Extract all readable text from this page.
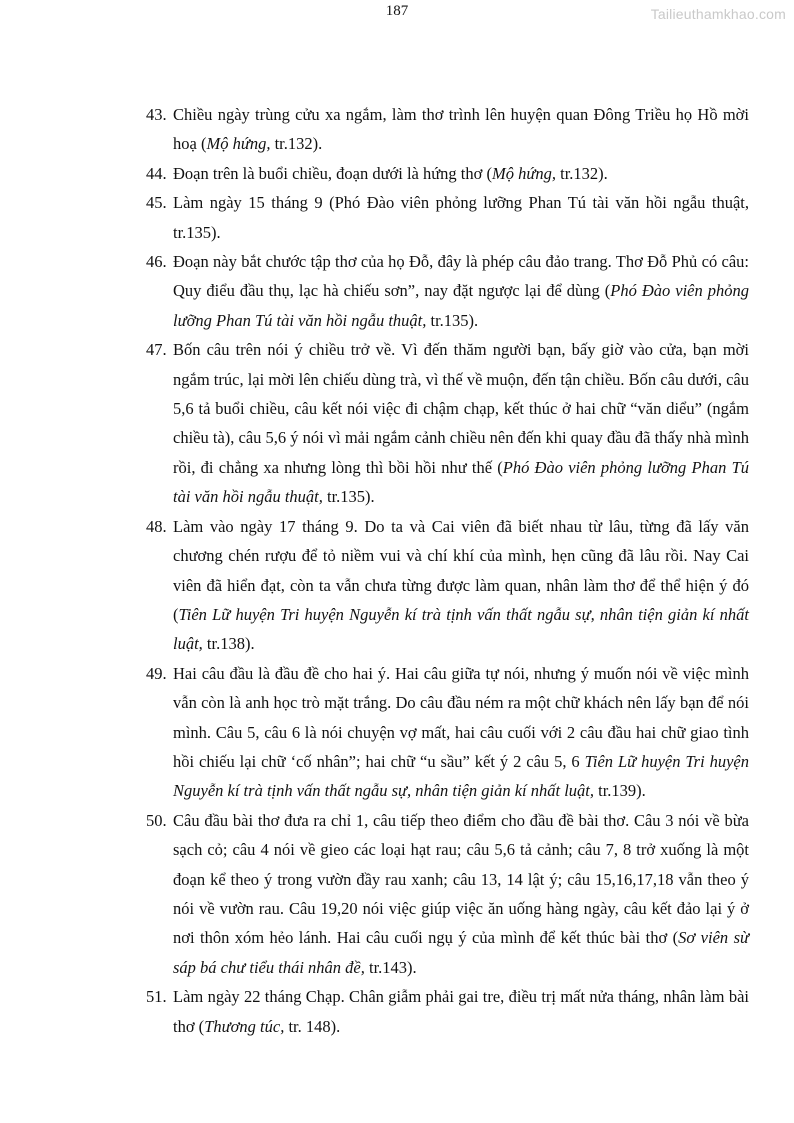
187	Tailieuthamkhao.com
43. Chiều ngày trùng cửu xa ngắm, làm thơ trình lên huyện quan Đông Triều họ Hồ mời hoạ (Mộ hứng, tr.132).
44. Đoạn trên là buổi chiều, đoạn dưới là hứng thơ (Mộ hứng, tr.132).
45. Làm ngày 15 tháng 9 (Phó Đào viên phỏng lưỡng Phan Tú tài văn hồi ngẫu thuật, tr.135).
46. Đoạn này bắt chước tập thơ của họ Đỗ, đây là phép câu đảo trang. Thơ Đỗ Phủ có câu: Quy điểu đầu thụ, lạc hà chiếu sơn”, nay đặt ngược lại để dùng (Phó Đào viên phỏng lưỡng Phan Tú tài văn hồi ngẫu thuật, tr.135).
47. Bốn câu trên nói ý chiều trở về. Vì đến thăm người bạn, bấy giờ vào cửa, bạn mời ngắm trúc, lại mời lên chiếu dùng trà, vì thế về muộn, đến tận chiều. Bốn câu dưới, câu 5,6 tả buổi chiều, câu kết nói việc đi chậm chạp, kết thúc ở hai chữ “văn diểu” (ngắm chiều tà), câu 5,6 ý nói vì mải ngắm cảnh chiều nên đến khi quay đầu đã thấy nhà mình rồi, đi chẳng xa nhưng lòng thì bồi hồi như thế (Phó Đào viên phỏng lưỡng Phan Tú tài văn hồi ngẫu thuật, tr.135).
48. Làm vào ngày 17 tháng 9. Do ta và Cai viên đã biết nhau từ lâu, từng đã lấy văn chương chén rượu để tỏ niềm vui và chí khí của mình, hẹn cũng đã lâu rồi. Nay Cai viên đã hiển đạt, còn ta vẫn chưa từng được làm quan, nhân làm thơ để thể hiện ý đó (Tiên Lữ huyện Tri huyện Nguyễn kí trà tịnh vấn thất ngẫu sự, nhân tiện giản kí nhất luật, tr.138).
49. Hai câu đầu là đầu đề cho hai ý. Hai câu giữa tự nói, nhưng ý muốn nói về việc mình vẫn còn là anh học trò mặt trắng. Do câu đầu ném ra một chữ khách nên lấy bạn để nói mình. Câu 5, câu 6 là nói chuyện vợ mất, hai câu cuối với 2 câu đầu hai chữ giao tình hồi chiếu lại chữ ‘cố nhân”; hai chữ “u sầu” kết ý 2 câu 5, 6 Tiên Lữ huyện Tri huyện Nguyễn kí trà tịnh vấn thất ngẫu sự, nhân tiện giản kí nhất luật, tr.139).
50. Câu đầu bài thơ đưa ra chỉ 1, câu tiếp theo điểm cho đầu đề bài thơ. Câu 3 nói về bừa sạch cỏ; câu 4 nói về gieo các loại hạt rau; câu 5,6 tả cảnh; câu 7, 8 trở xuống là một đoạn kể theo ý trong vườn đầy rau xanh; câu 13, 14 lật ý; câu 15,16,17,18 vẫn theo ý nói về vườn rau. Câu 19,20 nói việc giúp việc ăn uống hàng ngày, câu kết đảo lại ý ở nơi thôn xóm hẻo lánh. Hai câu cuối ngụ ý của mình để kết thúc bài thơ (Sơ viên sừ sáp bá chư tiểu thái nhân đề, tr.143).
51. Làm ngày 22 tháng Chạp. Chân giẫm phải gai tre, điều trị mất nửa tháng, nhân làm bài thơ (Thương túc, tr. 148).
